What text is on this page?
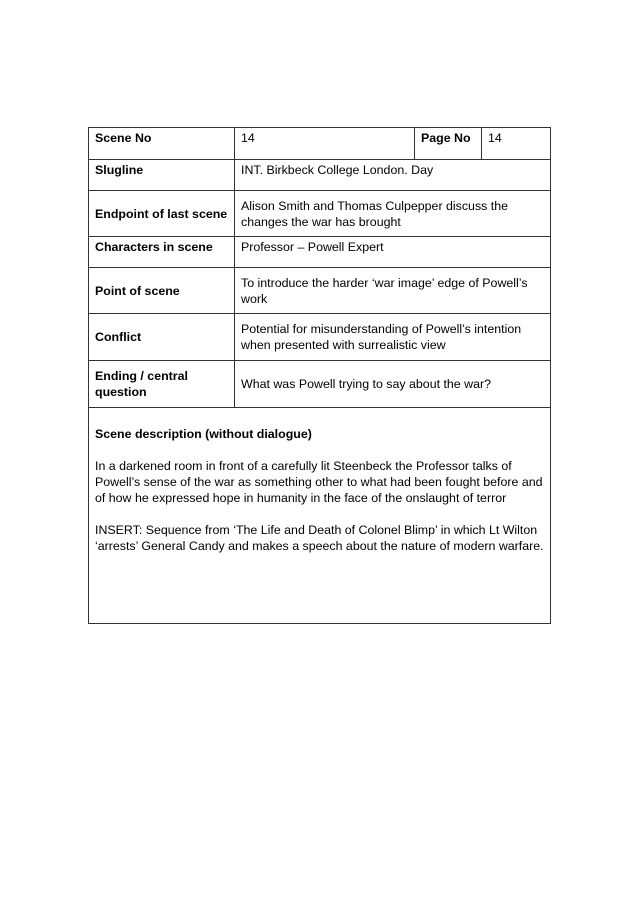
Scene No	14	Page No	14
Slugline	INT. Birkbeck College London. Day		
Endpoint of last scene	Alison Smith and Thomas Culpepper discuss the changes the war has brought		
Characters in scene	Professor – Powell Expert		
Point of scene	To introduce the harder ‘war image’ edge of Powell’s work		
Conflict	Potential for misunderstanding of Powell’s intention when presented with surrealistic view		
Ending / central question	What was Powell trying to say about the war?		

Scene description (without dialogue)

In a darkened room in front of a carefully lit Steenbeck the Professor talks of Powell’s sense of the war as something other to what had been fought before and of how he expressed hope in humanity in the face of the onslaught of terror

INSERT: Sequence from ‘The Life and Death of Colonel Blimp’ in which Lt Wilton ‘arrests’ General Candy and makes a speech about the nature of modern warfare.			
